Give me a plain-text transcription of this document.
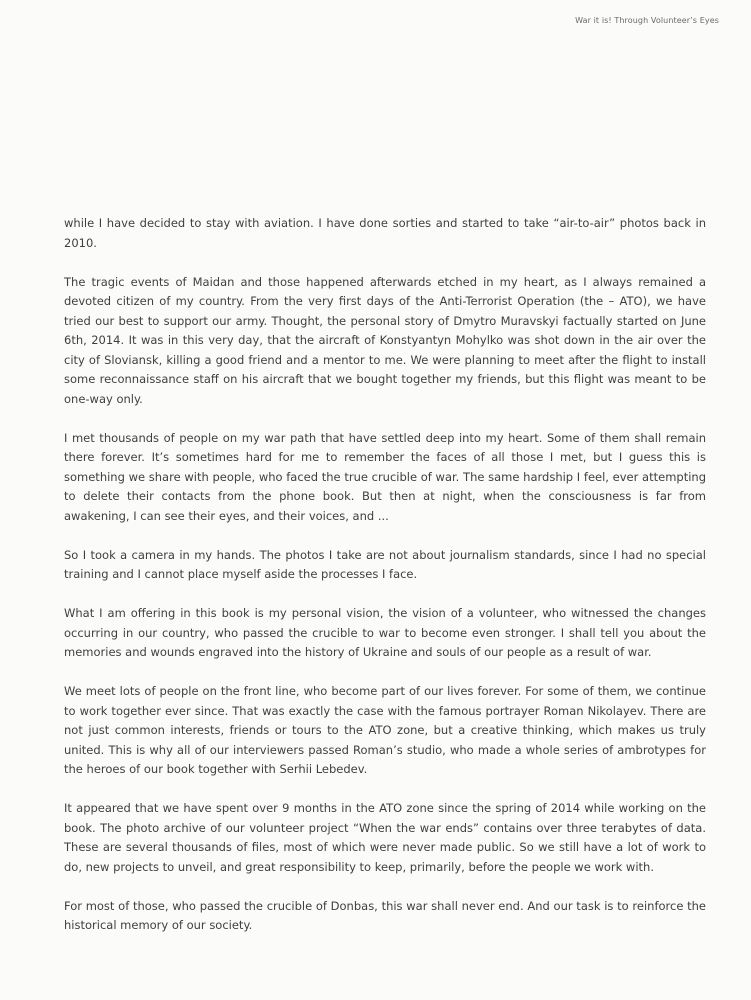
War it is! Through Volunteer’s Eyes

while I have decided to stay with aviation. I have done sorties and started to take “air-to-air” photos back in 2010.

The tragic events of Maidan and those happened afterwards etched in my heart, as I always remained a devoted citizen of my country. From the very first days of the Anti-Terrorist Operation (the – ATO), we have tried our best to support our army. Thought, the personal story of Dmytro Muravskyi factually started on June 6th, 2014. It was in this very day, that the aircraft of Konstyantyn Mohylko was shot down in the air over the city of Sloviansk, killing a good friend and a mentor to me. We were planning to meet after the flight to install some reconnaissance staff on his aircraft that we bought together my friends, but this flight was meant to be one-way only.

I met thousands of people on my war path that have settled deep into my heart. Some of them shall remain there forever. It’s sometimes hard for me to remember the faces of all those I met, but I guess this is something we share with people, who faced the true crucible of war. The same hardship I feel, ever attempting to delete their contacts from the phone book. But then at night, when the consciousness is far from awakening, I can see their eyes, and their voices, and ...

So I took a camera in my hands. The photos I take are not about journalism standards, since I had no special training and I cannot place myself aside the processes I face.

What I am offering in this book is my personal vision, the vision of a volunteer, who witnessed the changes occurring in our country, who passed the crucible to war to become even stronger. I shall tell you about the memories and wounds engraved into the history of Ukraine and souls of our people as a result of war.

We meet lots of people on the front line, who become part of our lives forever. For some of them, we continue to work together ever since. That was exactly the case with the famous portrayer Roman Nikolayev. There are not just common interests, friends or tours to the ATO zone, but a creative thinking, which makes us truly united. This is why all of our interviewers passed Roman’s studio, who made a whole series of ambrotypes for the heroes of our book together with Serhii Lebedev.

It appeared that we have spent over 9 months in the ATO zone since the spring of 2014 while working on the book. The photo archive of our volunteer project “When the war ends” contains over three terabytes of data. These are several thousands of files, most of which were never made public. So we still have a lot of work to do, new projects to unveil, and great responsibility to keep, primarily, before the people we work with.

For most of those, who passed the crucible of Donbas, this war shall never end. And our task is to reinforce the historical memory of our society.
